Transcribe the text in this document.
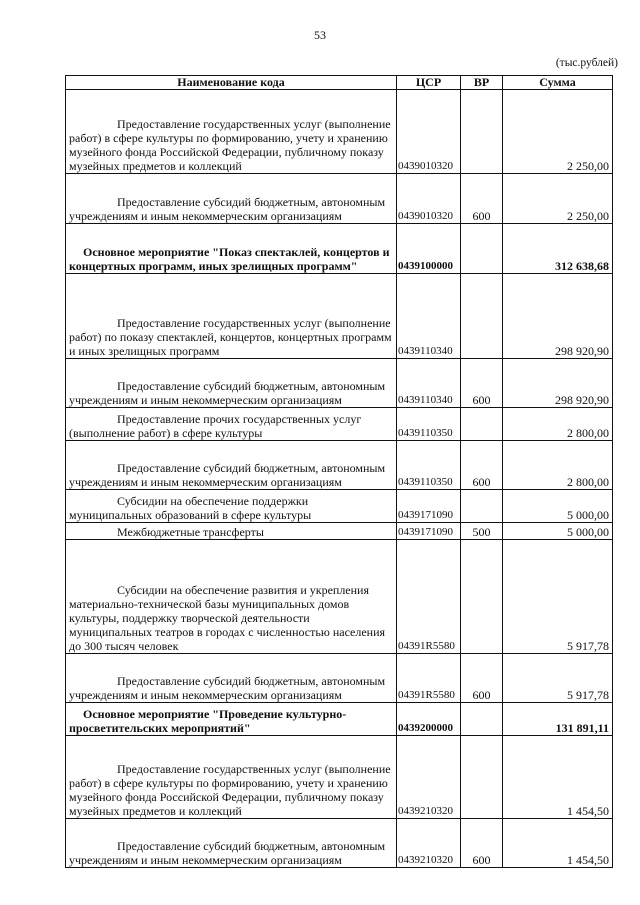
53
(тыс.рублей)
Наименование кода	ЦСР	ВР	Сумма
Предоставление государственных услуг (выполнение работ) в сфере культуры по формированию, учету и хранению музейного фонда Российской Федерации, публичному показу музейных предметов и коллекций	0439010320		2 250,00
Предоставление субсидий бюджетным, автономным учреждениям и иным некоммерческим организациям	0439010320	600	2 250,00
Основное мероприятие "Показ спектаклей, концертов и концертных программ, иных зрелищных программ"	0439100000		312 638,68
Предоставление государственных услуг (выполнение работ) по показу спектаклей, концертов, концертных программ и иных зрелищных программ	0439110340		298 920,90
Предоставление субсидий бюджетным, автономным учреждениям и иным некоммерческим организациям	0439110340	600	298 920,90
Предоставление прочих государственных услуг (выполнение работ) в сфере культуры	0439110350		2 800,00
Предоставление субсидий бюджетным, автономным учреждениям и иным некоммерческим организациям	0439110350	600	2 800,00
Субсидии на обеспечение поддержки муниципальных образований в сфере культуры	0439171090		5 000,00
Межбюджетные трансферты	0439171090	500	5 000,00
Субсидии на обеспечение развития и укрепления материально-технической базы муниципальных домов культуры, поддержку творческой деятельности муниципальных театров в городах с численностью населения до 300 тысяч человек	04391R5580		5 917,78
Предоставление субсидий бюджетным, автономным учреждениям и иным некоммерческим организациям	04391R5580	600	5 917,78
Основное мероприятие "Проведение культурно-просветительских мероприятий"	0439200000		131 891,11
Предоставление государственных услуг (выполнение работ) в сфере культуры по формированию, учету и хранению музейного фонда Российской Федерации, публичному показу музейных предметов и коллекций	0439210320		1 454,50
Предоставление субсидий бюджетным, автономным учреждениям и иным некоммерческим организациям	0439210320	600	1 454,50
